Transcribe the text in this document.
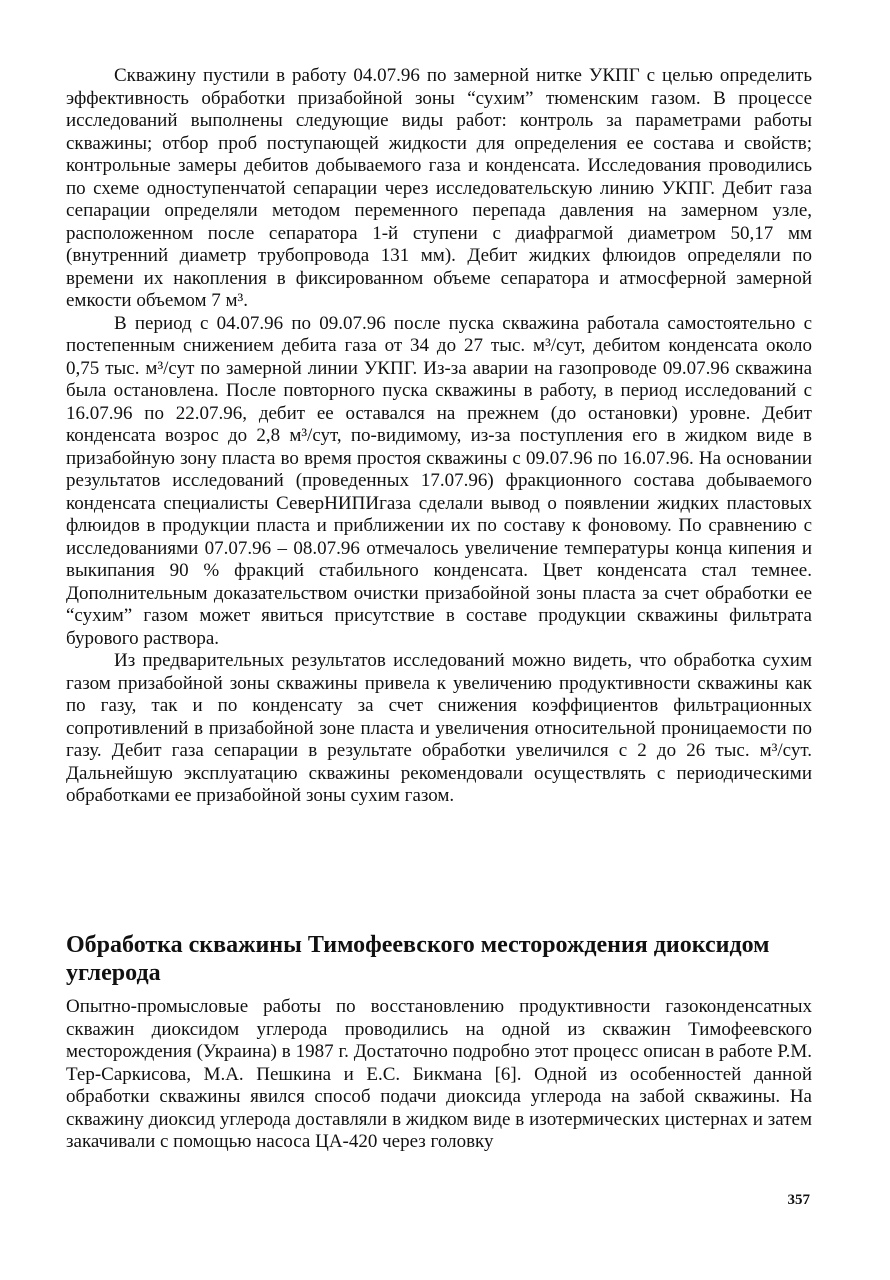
Скважину пустили в работу 04.07.96 по замерной нитке УКПГ с целью определить эффективность обработки призабойной зоны “сухим” тюменским газом. В процессе исследований выполнены следующие виды работ: контроль за параметрами работы скважины; отбор проб поступающей жидкости для определения ее состава и свойств; контрольные замеры дебитов добываемого газа и конденсата. Исследования проводились по схеме одноступенчатой сепарации через исследовательскую линию УКПГ. Дебит газа сепарации определяли методом переменного перепада давления на замерном узле, расположенном после сепаратора 1-й ступени с диафрагмой диаметром 50,17 мм (внутренний диаметр трубопровода 131 мм). Дебит жидких флюидов определяли по времени их накопления в фиксированном объеме сепаратора и атмосферной замерной емкости объемом 7 м³.

В период с 04.07.96 по 09.07.96 после пуска скважина работала самостоятельно с постепенным снижением дебита газа от 34 до 27 тыс. м³/сут, дебитом конденсата около 0,75 тыс. м³/сут по замерной линии УКПГ. Из-за аварии на газопроводе 09.07.96 скважина была остановлена. После повторного пуска скважины в работу, в период исследований с 16.07.96 по 22.07.96, дебит ее оставался на прежнем (до остановки) уровне. Дебит конденсата возрос до 2,8 м³/сут, по-видимому, из-за поступления его в жидком виде в призабойную зону пласта во время простоя скважины с 09.07.96 по 16.07.96. На основании результатов исследований (проведенных 17.07.96) фракционного состава добываемого конденсата специалисты СеверНИПИгаза сделали вывод о появлении жидких пластовых флюидов в продукции пласта и приближении их по составу к фоновому. По сравнению с исследованиями 07.07.96 – 08.07.96 отмечалось увеличение температуры конца кипения и выкипания 90 % фракций стабильного конденсата. Цвет конденсата стал темнее. Дополнительным доказательством очистки призабойной зоны пласта за счет обработки ее “сухим” газом может явиться присутствие в составе продукции скважины фильтрата бурового раствора.

Из предварительных результатов исследований можно видеть, что обработка сухим газом призабойной зоны скважины привела к увеличению продуктивности скважины как по газу, так и по конденсату за счет снижения коэффициентов фильтрационных сопротивлений в призабойной зоне пласта и увеличения относительной проницаемости по газу. Дебит газа сепарации в результате обработки увеличился с 2 до 26 тыс. м³/сут. Дальнейшую эксплуатацию скважины рекомендовали осуществлять с периодическими обработками ее призабойной зоны сухим газом.

Обработка скважины Тимофеевского месторождения диоксидом углерода

Опытно-промысловые работы по восстановлению продуктивности газоконденсатных скважин диоксидом углерода проводились на одной из скважин Тимофеевского месторождения (Украина) в 1987 г. Достаточно подробно этот процесс описан в работе Р.М. Тер-Саркисова, М.А. Пешкина и Е.С. Бикмана [6]. Одной из особенностей данной обработки скважины явился способ подачи диоксида углерода на забой скважины. На скважину диоксид углерода доставляли в жидком виде в изотермических цистернах и затем закачивали с помощью насоса ЦА-420 через головку

357
